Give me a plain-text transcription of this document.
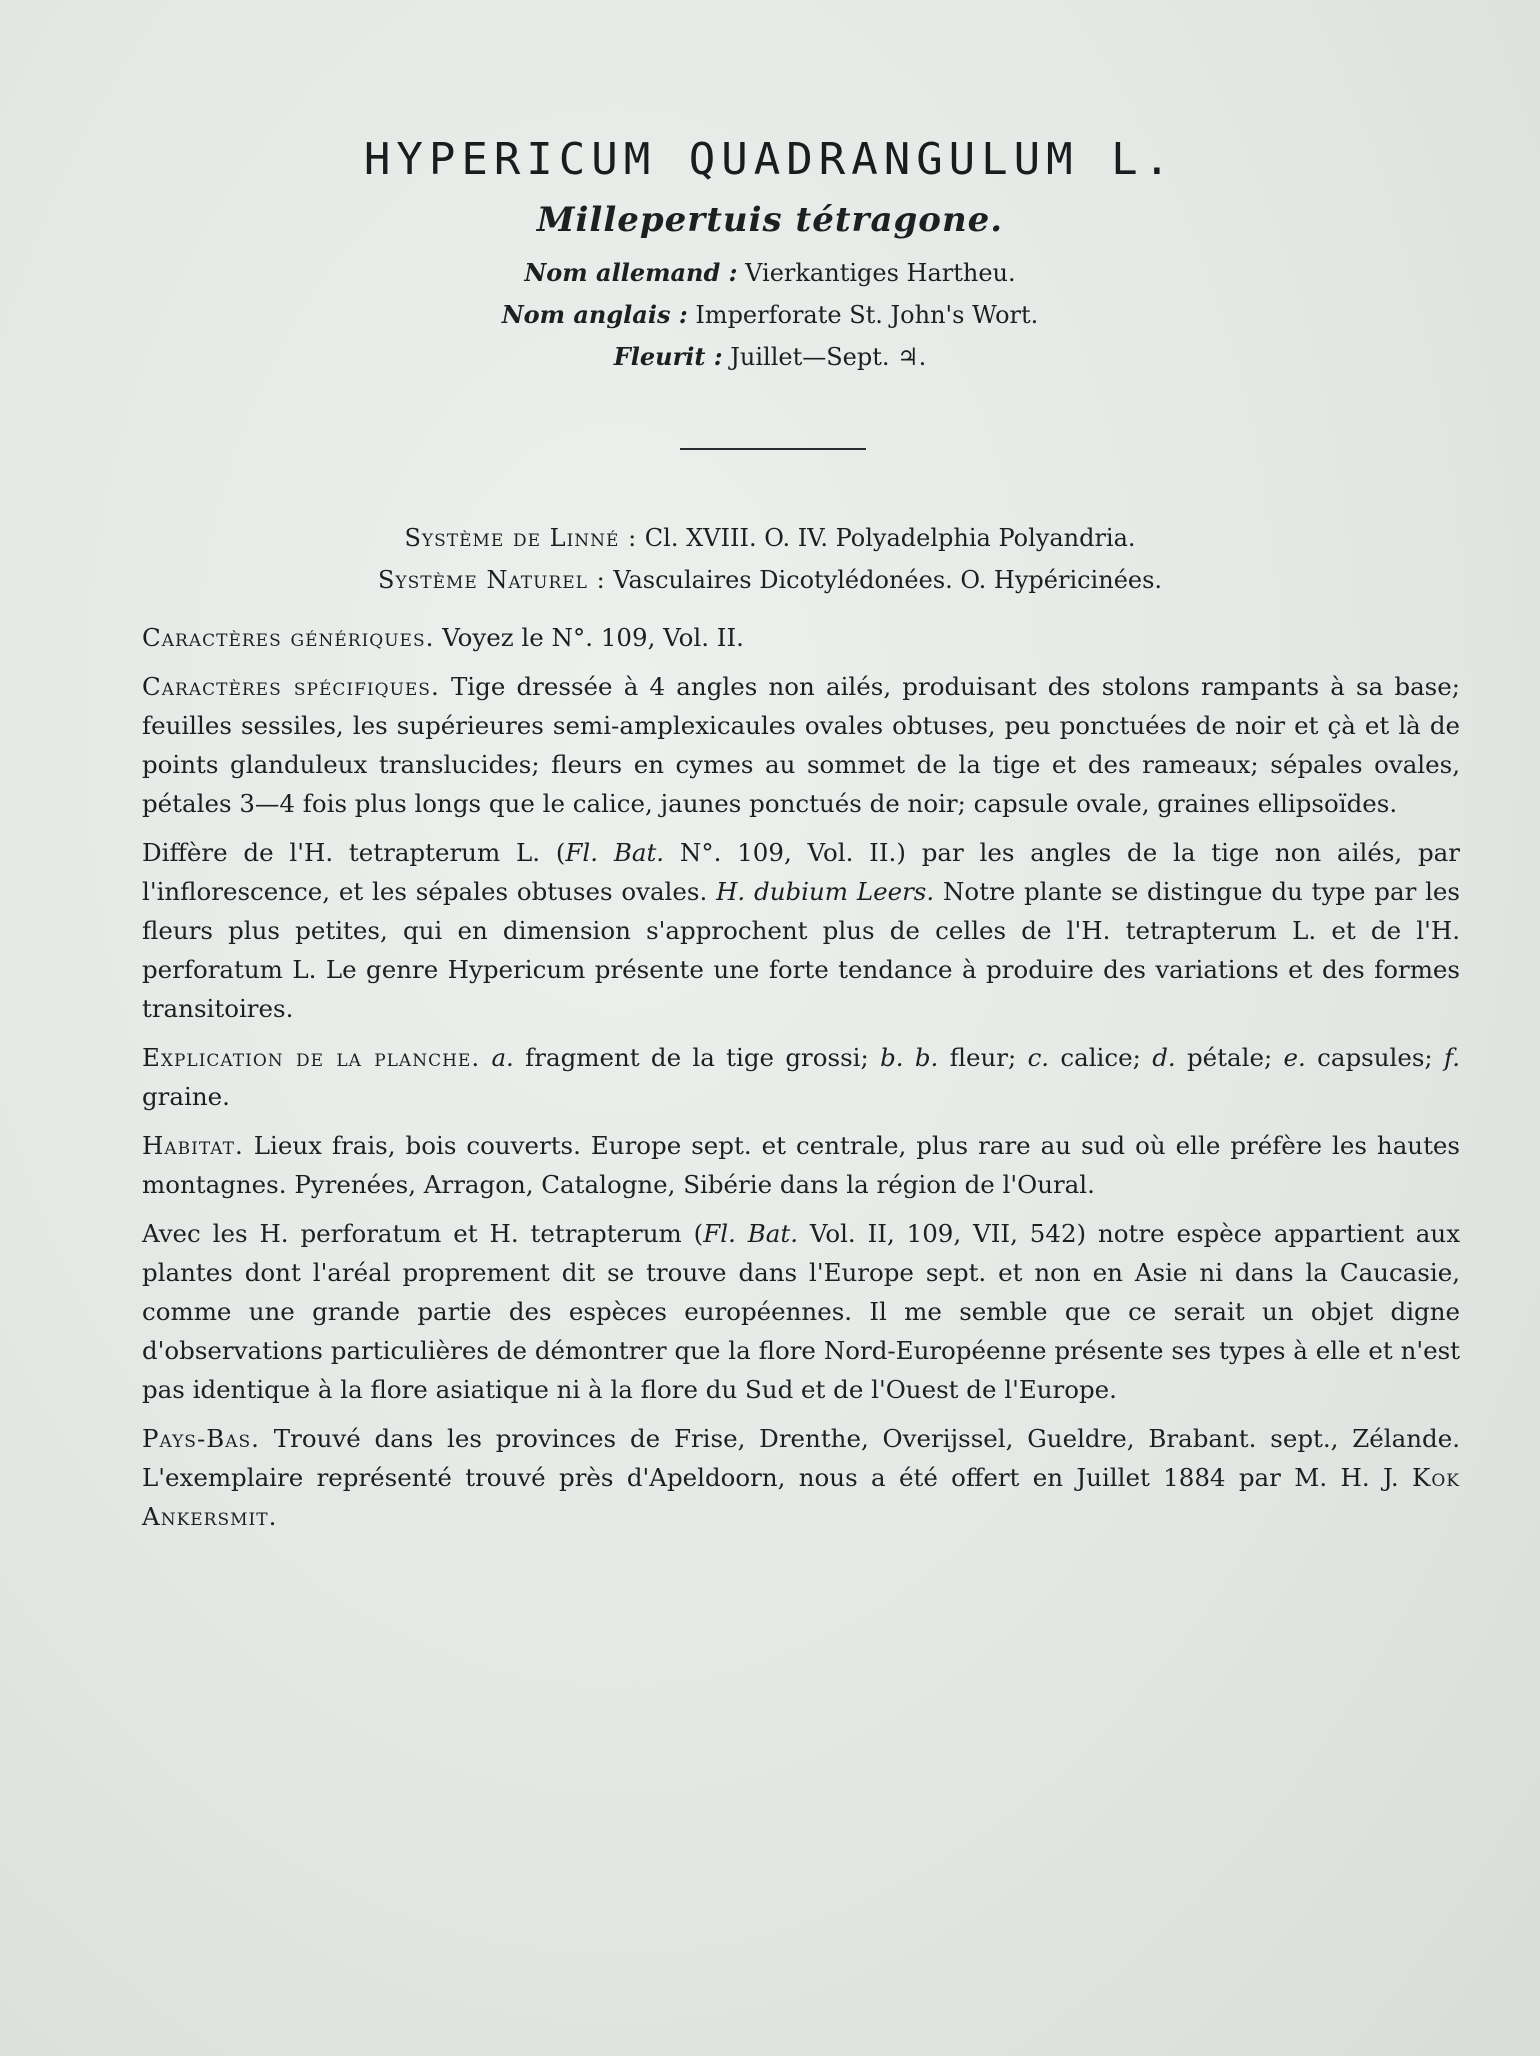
HYPERICUM QUADRANGULUM L.
Millepertuis tétragone.
Nom allemand : Vierkantiges Hartheu.
Nom anglais : Imperforate St. John's Wort.
Fleurit : Juillet—Sept. ♃.
Système de Linné : Cl. XVIII. O. IV. Polyadelphia Polyandria.
Système Naturel : Vasculaires Dicotylédonées. O. Hypéricinées.

Caractères génériques. Voyez le N°. 109, Vol. II.

Caractères spécifiques. Tige dressée à 4 angles non ailés, produisant des stolons rampants à sa base; feuilles sessiles, les supérieures semi-amplexicaules ovales obtuses, peu ponctuées de noir et çà et là de points glanduleux translucides; fleurs en cymes au sommet de la tige et des rameaux; sépales ovales, pétales 3—4 fois plus longs que le calice, jaunes ponctués de noir; capsule ovale, graines ellipsoïdes.

Diffère de l'H. tetrapterum L. (Fl. Bat. N°. 109, Vol. II.) par les angles de la tige non ailés, par l'inflorescence, et les sépales obtuses ovales. H. dubium Leers. Notre plante se distingue du type par les fleurs plus petites, qui en dimension s'approchent plus de celles de l'H. tetrapterum L. et de l'H. perforatum L. Le genre Hypericum présente une forte tendance à produire des variations et des formes transitoires.

Explication de la planche. a. fragment de la tige grossi; b. b. fleur; c. calice; d. pétale; e. capsules; f. graine.

Habitat. Lieux frais, bois couverts. Europe sept. et centrale, plus rare au sud où elle préfère les hautes montagnes. Pyrenées, Arragon, Catalogne, Sibérie dans la région de l'Oural.

Avec les H. perforatum et H. tetrapterum (Fl. Bat. Vol. II, 109, VII, 542) notre espèce appartient aux plantes dont l'aréal proprement dit se trouve dans l'Europe sept. et non en Asie ni dans la Caucasie, comme une grande partie des espèces européennes. Il me semble que ce serait un objet digne d'observations particulières de démontrer que la flore Nord-Européenne présente ses types à elle et n'est pas identique à la flore asiatique ni à la flore du Sud et de l'Ouest de l'Europe.

Pays-Bas. Trouvé dans les provinces de Frise, Drenthe, Overijssel, Gueldre, Brabant. sept., Zélande. L'exemplaire représenté trouvé près d'Apeldoorn, nous a été offert en Juillet 1884 par M. H. J. Kok Ankersmit.
